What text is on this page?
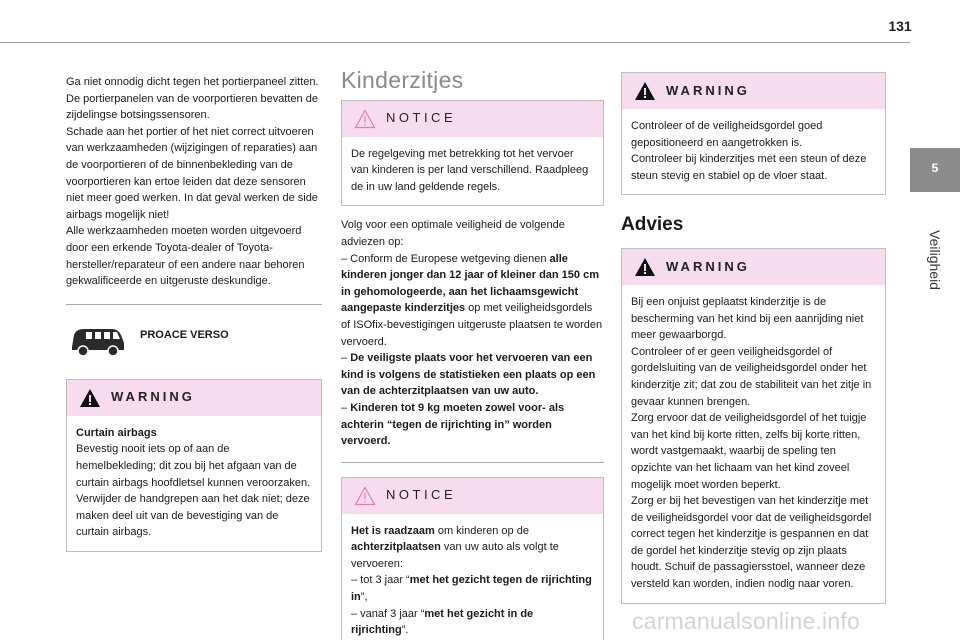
131
5
Veiligheid
Ga niet onnodig dicht tegen het portierpaneel zitten.
De portierpanelen van de voorportieren bevatten de zijdelingse botsingssensoren.
Schade aan het portier of het niet correct uitvoeren van werkzaamheden (wijzigingen of reparaties) aan de voorportieren of de binnenbekleding van de voorportieren kan ertoe leiden dat deze sensoren niet meer goed werken. In dat geval werken de side airbags mogelijk niet!
Alle werkzaamheden moeten worden uitgevoerd door een erkende Toyota-dealer of Toyota-hersteller/reparateur of een andere naar behoren gekwalificeerde en uitgeruste deskundige.
PROACE VERSO
WARNING
Curtain airbags
Bevestig nooit iets op of aan de hemelbekleding; dit zou bij het afgaan van de curtain airbags hoofdletsel kunnen veroorzaken.
Verwijder de handgrepen aan het dak niet; deze maken deel uit van de bevestiging van de curtain airbags.
Kinderzitjes
NOTICE
De regelgeving met betrekking tot het vervoer van kinderen is per land verschillend. Raadpleeg de in uw land geldende regels.
Volg voor een optimale veiligheid de volgende adviezen op:
– Conform de Europese wetgeving dienen alle kinderen jonger dan 12 jaar of kleiner dan 150 cm in gehomologeerde, aan het lichaamsgewicht aangepaste kinderzitjes op met veiligheidsgordels of ISOfix-bevestigingen uitgeruste plaatsen te worden vervoerd.
– De veiligste plaats voor het vervoeren van een kind is volgens de statistieken een plaats op een van de achterzitplaatsen van uw auto.
– Kinderen tot 9 kg moeten zowel voor- als achterin “tegen de rijrichting in” worden vervoerd.
NOTICE
Het is raadzaam om kinderen op de achterzitplaatsen van uw auto als volgt te vervoeren:
– tot 3 jaar “met het gezicht tegen de rijrichting in”,
– vanaf 3 jaar “met het gezicht in de rijrichting”.
WARNING
Controleer of de veiligheidsgordel goed gepositioneerd en aangetrokken is.
Controleer bij kinderzitjes met een steun of deze steun stevig en stabiel op de vloer staat.
Advies
WARNING
Bij een onjuist geplaatst kinderzitje is de bescherming van het kind bij een aanrijding niet meer gewaarborgd.
Controleer of er geen veiligheidsgordel of gordelsluiting van de veiligheidsgordel onder het kinderzitje zit; dat zou de stabiliteit van het zitje in gevaar kunnen brengen.
Zorg ervoor dat de veiligheidsgordel of het tuigje van het kind bij korte ritten, zelfs bij korte ritten, wordt vastgemaakt, waarbij de speling ten opzichte van het lichaam van het kind zoveel mogelijk moet worden beperkt.
Zorg er bij het bevestigen van het kinderzitje met de veiligheidsgordel voor dat de veiligheidsgordel correct tegen het kinderzitje is gespannen en dat de gordel het kinderzitje stevig op zijn plaats houdt. Schuif de passagiersstoel, wanneer deze versteld kan worden, indien nodig naar voren.
carmanualsonline.info
